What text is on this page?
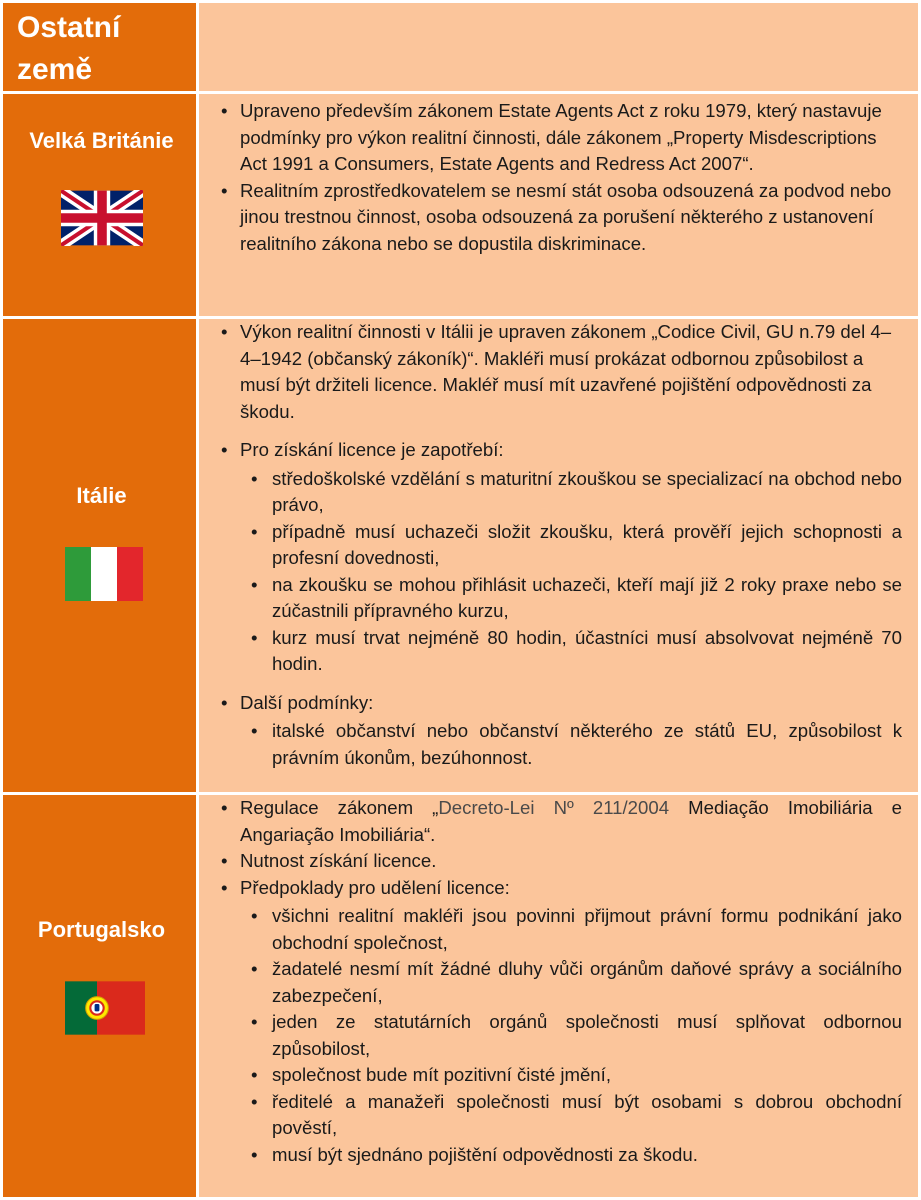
Ostatní země
Velká Británie
• Upraveno především zákonem Estate Agents Act z roku 1979, který nastavuje podmínky pro výkon realitní činnosti, dále zákonem „Property Misdescriptions Act 1991 a Consumers, Estate Agents and Redress Act 2007“.
• Realitním zprostředkovatelem se nesmí stát osoba odsouzená za podvod nebo jinou trestnou činnost, osoba odsouzená za porušení některého z ustanovení realitního zákona nebo se dopustila diskriminace.
Itálie
• Výkon realitní činnosti v Itálii je upraven zákonem „Codice Civil, GU n.79 del 4–4–1942 (občanský zákoník)“. Makléři musí prokázat odbornou způsobilost a musí být držiteli licence. Makléř musí mít uzavřené pojištění odpovědnosti za škodu.
• Pro získání licence je zapotřebí:
• středoškolské vzdělání s maturitní zkouškou se specializací na obchod nebo právo,
• případně musí uchazeči složit zkoušku, která prověří jejich schopnosti a profesní dovednosti,
• na zkoušku se mohou přihlásit uchazeči, kteří mají již 2 roky praxe nebo se zúčastnili přípravného kurzu,
• kurz musí trvat nejméně 80 hodin, účastníci musí absolvovat nejméně 70 hodin.
• Další podmínky:
• italské občanství nebo občanství některého ze států EU, způsobilost k právním úkonům, bezúhonnost.
Portugalsko
• Regulace zákonem „Decreto-Lei Nº 211/2004 Mediação Imobiliária e Angariação Imobiliária“.
• Nutnost získání licence.
• Předpoklady pro udělení licence:
• všichni realitní makléři jsou povinni přijmout právní formu podnikání jako obchodní společnost,
• žadatelé nesmí mít žádné dluhy vůči orgánům daňové správy a sociálního zabezpečení,
• jeden ze statutárních orgánů společnosti musí splňovat odbornou způsobilost,
• společnost bude mít pozitivní čisté jmění,
• ředitelé a manažeři společnosti musí být osobami s dobrou obchodní pověstí,
• musí být sjednáno pojištění odpovědnosti za škodu.
